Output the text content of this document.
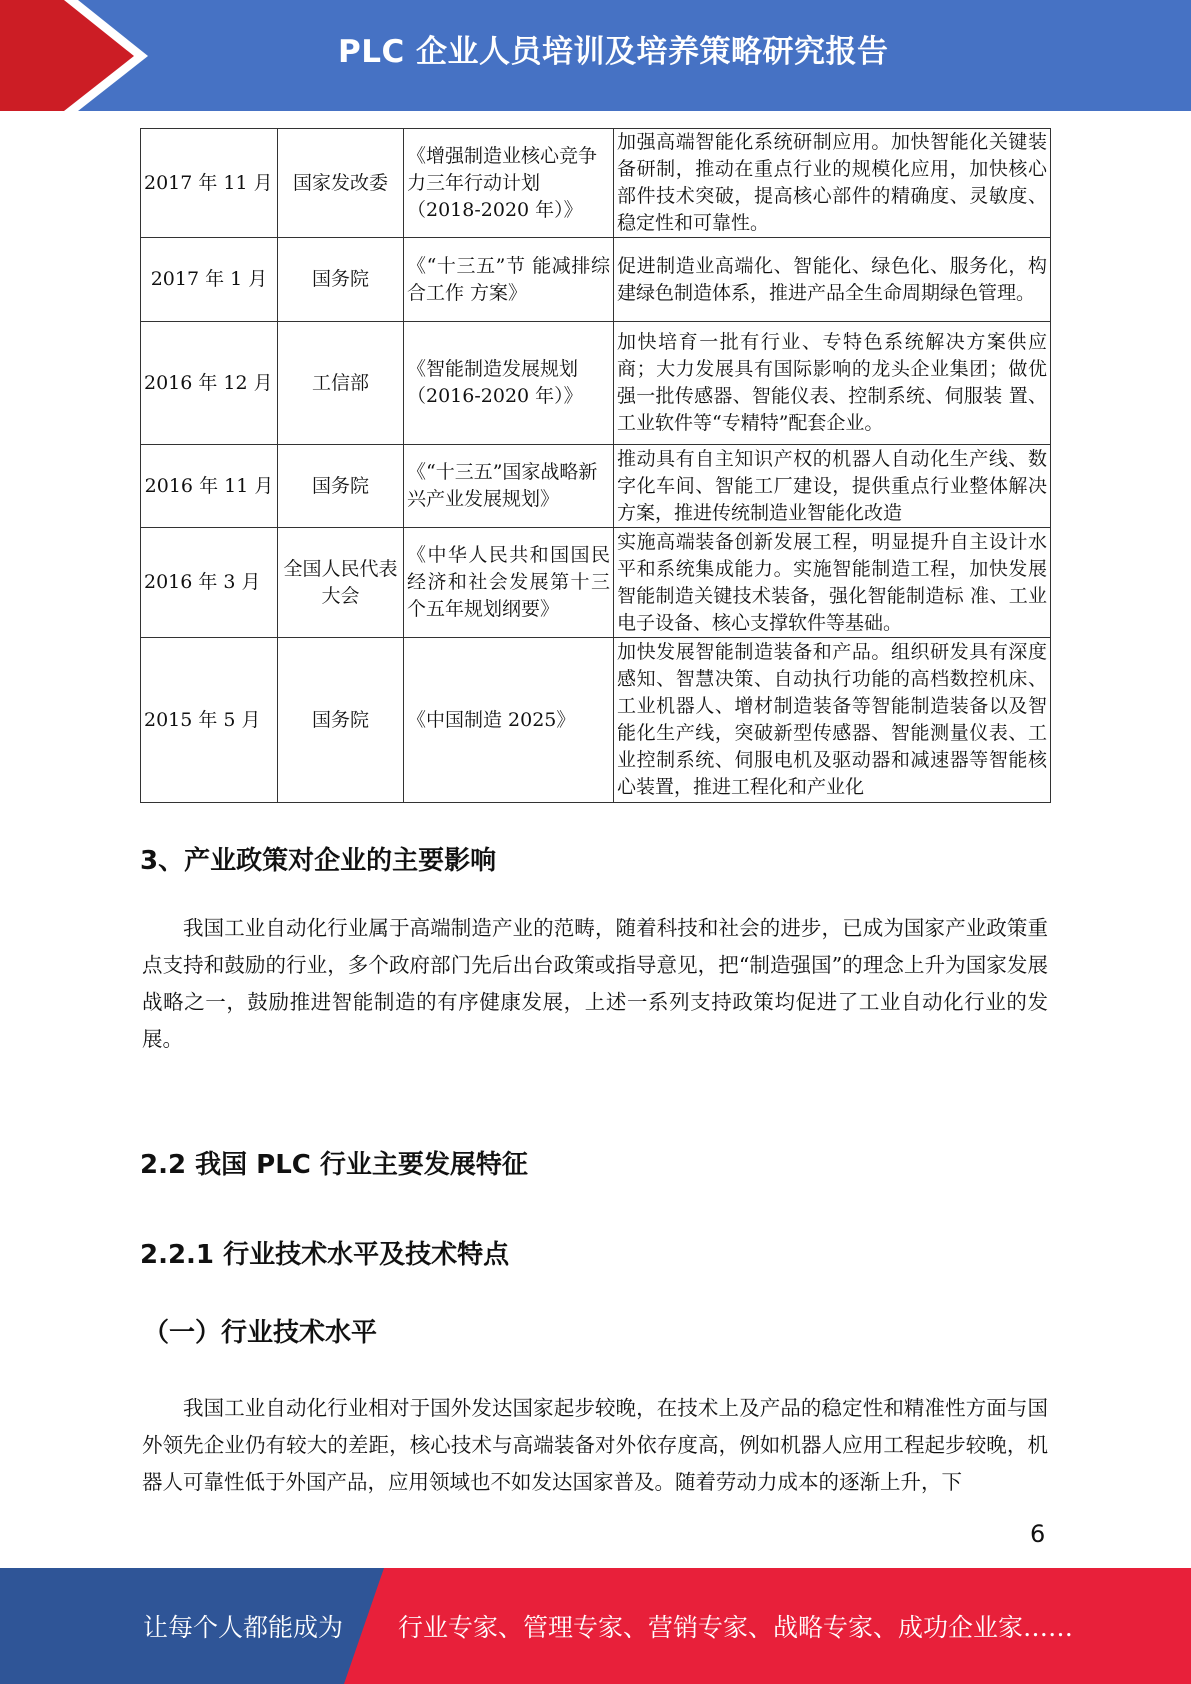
PLC 企业人员培训及培养策略研究报告
2017 年 11 月	国家发改委	《增强制造业核心竞争力三年行动计划（2018-2020 年）》	加强高端智能化系统研制应用。加快智能化关键装备研制，推动在重点行业的规模化应用，加快核心部件技术突破，提高核心部件的精确度、灵敏度、稳定性和可靠性。
2017 年 1 月	国务院	《“十三五”节 能减排综合工作 方案》	促进制造业高端化、智能化、绿色化、服务化，构建绿色制造体系，推进产品全生命周期绿色管理。
2016 年 12 月	工信部	《智能制造发展规划（2016-2020 年）》	加快培育一批有行业、专特色系统解决方案供应商；大力发展具有国际影响的龙头企业集团；做优强一批传感器、智能仪表、控制系统、伺服装 置、工业软件等“专精特”配套企业。
2016 年 11 月	国务院	《“十三五”国家战略新兴产业发展规划》	推动具有自主知识产权的机器人自动化生产线、数字化车间、智能工厂建设，提供重点行业整体解决方案，推进传统制造业智能化改造
2016 年 3 月	全国人民代表大会	《中华人民共和国国民经济和社会发展第十三个五年规划纲要》	实施高端装备创新发展工程，明显提升自主设计水平和系统集成能力。实施智能制造工程，加快发展智能制造关键技术装备，强化智能制造标 准、工业电子设备、核心支撑软件等基础。
2015 年 5 月	国务院	《中国制造 2025》	加快发展智能制造装备和产品。组织研发具有深度感知、智慧决策、自动执行功能的高档数控机床、工业机器人、增材制造装备等智能制造装备以及智能化生产线，突破新型传感器、智能测量仪表、工业控制系统、伺服电机及驱动器和减速器等智能核心装置，推进工程化和产业化
3、产业政策对企业的主要影响
我国工业自动化行业属于高端制造产业的范畴，随着科技和社会的进步，已成为国家产业政策重点支持和鼓励的行业，多个政府部门先后出台政策或指导意见，把“制造强国”的理念上升为国家发展战略之一，鼓励推进智能制造的有序健康发展，上述一系列支持政策均促进了工业自动化行业的发展。
2.2 我国 PLC 行业主要发展特征
2.2.1 行业技术水平及技术特点
（一）行业技术水平
我国工业自动化行业相对于国外发达国家起步较晚，在技术上及产品的稳定性和精准性方面与国外领先企业仍有较大的差距，核心技术与高端装备对外依存度高，例如机器人应用工程起步较晚，机器人可靠性低于外国产品，应用领域也不如发达国家普及。随着劳动力成本的逐渐上升，下
6
让每个人都能成为 行业专家、管理专家、营销专家、战略专家、成功企业家……
